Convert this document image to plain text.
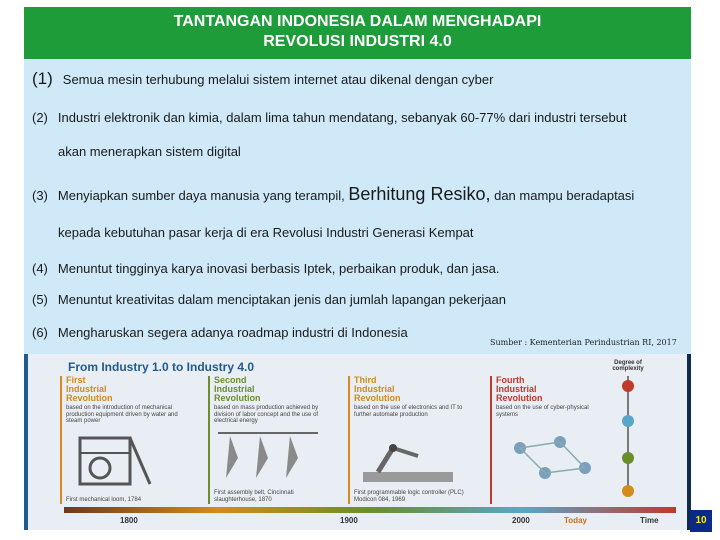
TANTANGAN INDONESIA DALAM MENGHADAPI
REVOLUSI INDUSTRI 4.0
(1) Semua mesin terhubung melalui sistem internet atau dikenal dengan cyber
(2) Industri elektronik dan kimia, dalam lima tahun mendatang, sebanyak 60-77% dari industri tersebut
akan menerapkan sistem digital
(3) Menyiapkan sumber daya manusia yang terampil, Berhitung Resiko, dan mampu beradaptasi
kepada kebutuhan pasar kerja di era Revolusi Industri Generasi Kempat
(4) Menuntut tingginya karya inovasi berbasis Iptek, perbaikan produk, dan jasa.
(5) Menuntut kreativitas dalam menciptakan jenis dan jumlah lapangan pekerjaan
(6) Mengharuskan segera adanya roadmap industri di Indonesia
Sumber : Kementerian Perindustrian RI, 2017
From Industry 1.0 to Industry 4.0
First
Industrial
Revolution
based on the introduction of mechanical production equipment driven by water and steam power
First mechanical loom, 1784
Second
Industrial
Revolution
based on mass production achieved by division of labor concept and the use of electrical energy
First assembly belt, Cincinnati slaughterhouse, 1870
Third
Industrial
Revolution
based on the use of electronics and IT to further automate production
First programmable logic controller (PLC) Modicon 084, 1969
Fourth
Industrial
Revolution
based on the use of cyber-physical systems
Degree of complexity
1800	1900	2000	Today	Time	10
